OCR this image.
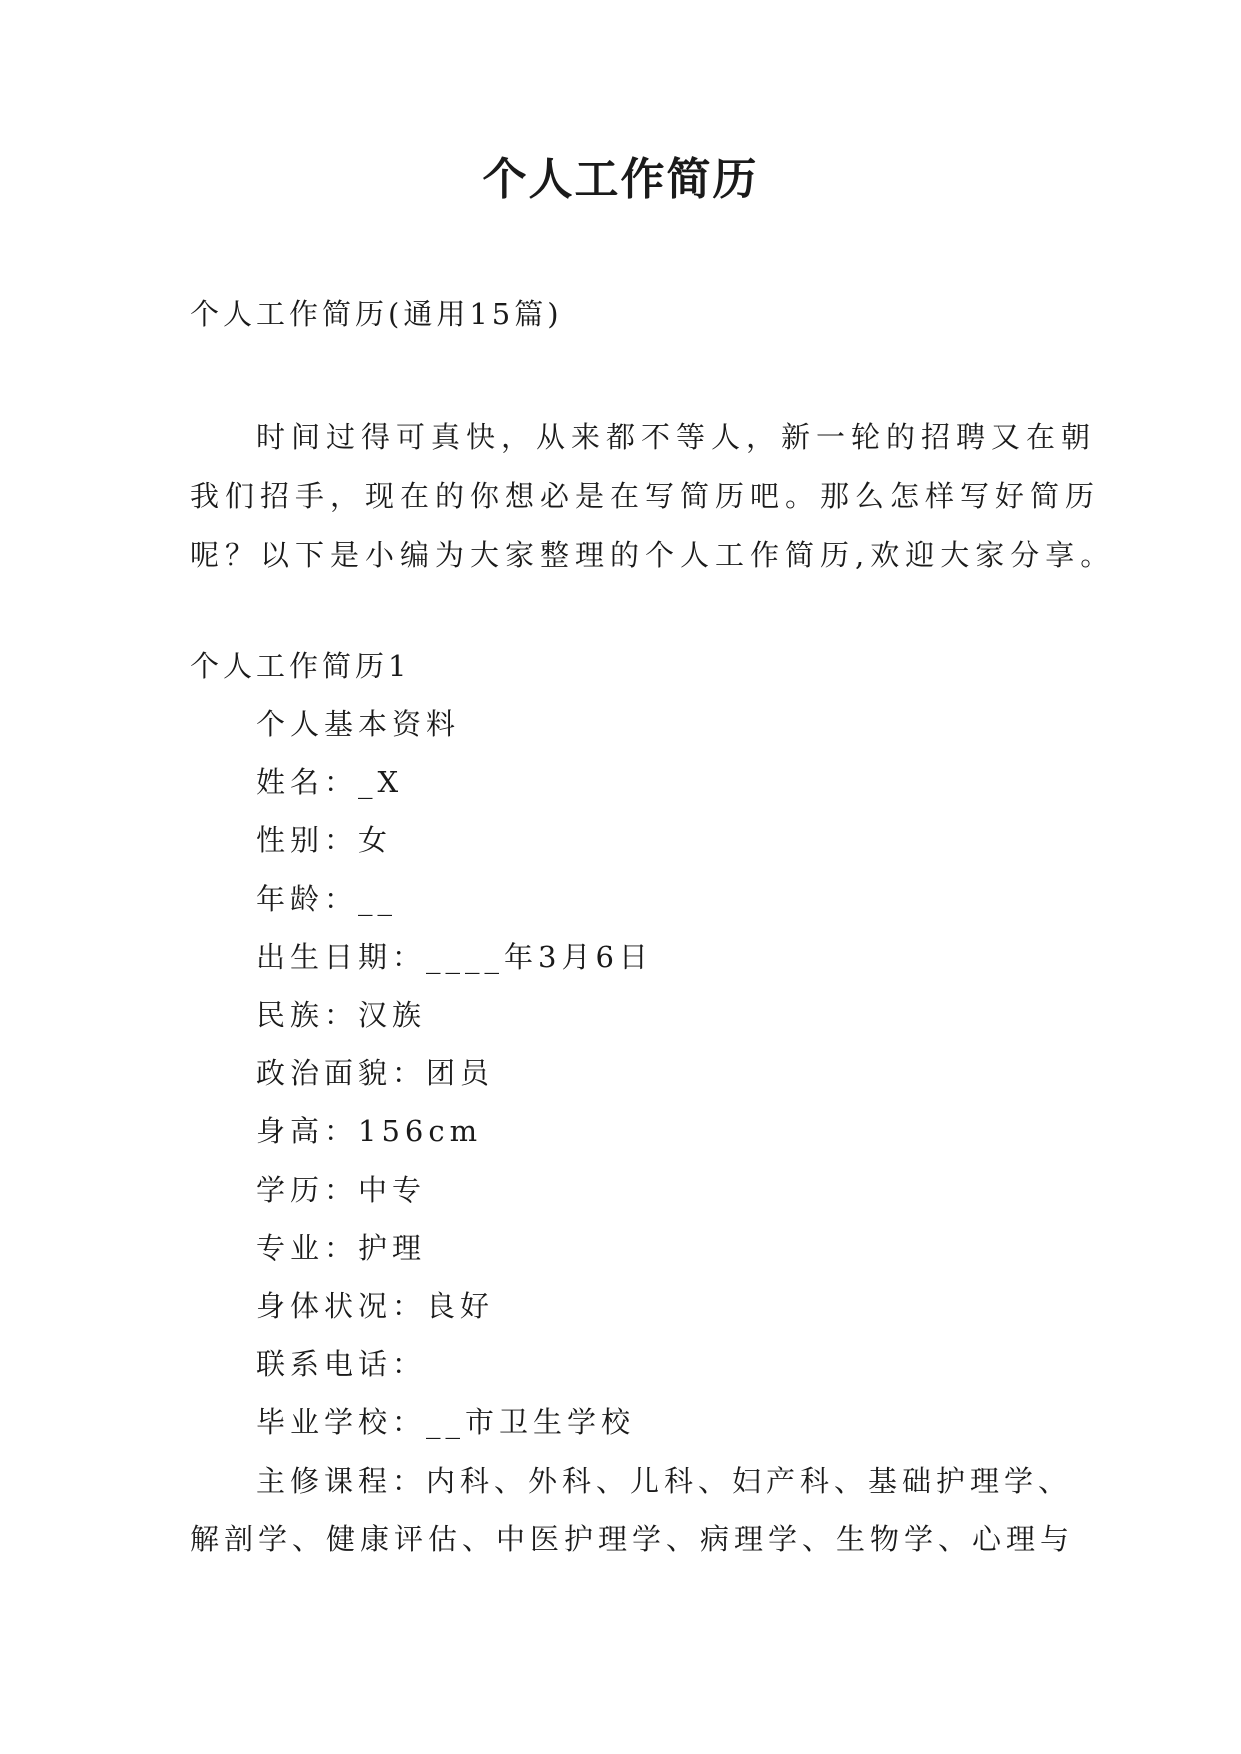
个人工作简历
个人工作简历(通用15篇)

时间过得可真快，从来都不等人，新一轮的招聘又在朝
我们招手，现在的你想必是在写简历吧。那么怎样写好简历
呢？以下是小编为大家整理的个人工作简历,欢迎大家分享。

个人工作简历1
个人基本资料
姓名：_X
性别：女
年龄：__
出生日期：____年3月6日
民族：汉族
政治面貌：团员
身高：156cm
学历：中专
专业：护理
身体状况：良好
联系电话：
毕业学校：__市卫生学校

主修课程：内科、外科、儿科、妇产科、基础护理学、
解剖学、健康评估、中医护理学、病理学、生物学、心理与
